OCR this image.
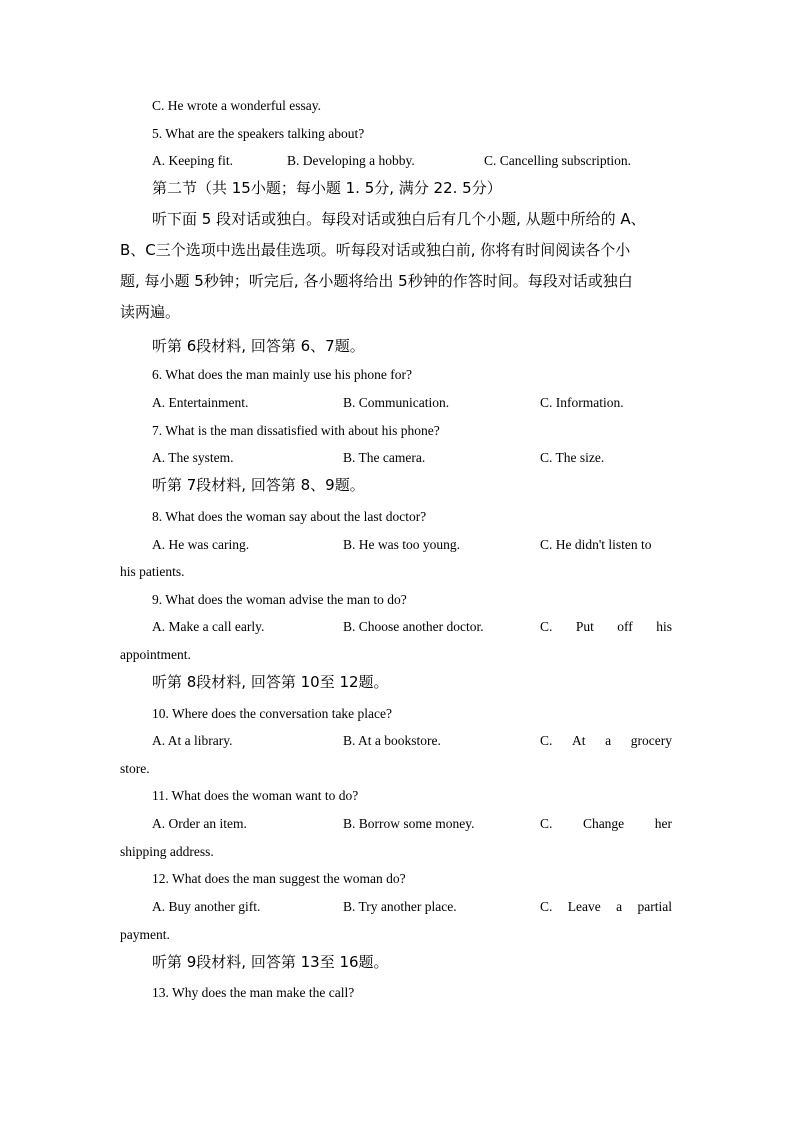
C. He wrote a wonderful essay.
5. What are the speakers talking about?
A. Keeping fit.	B. Developing a hobby.	C. Cancelling subscription.
第二节（共 15小题；每小题 1. 5分, 满分 22. 5分）
听下面 5 段对话或独白。每段对话或独白后有几个小题, 从题中所给的 A、
B、C三个选项中选出最佳选项。听每段对话或独白前, 你将有时间阅读各个小
题, 每小题 5秒钟；听完后, 各小题将给出 5秒钟的作答时间。每段对话或独白
读两遍。
听第 6段材料, 回答第 6、7题。
6. What does the man mainly use his phone for?
A. Entertainment.	B. Communication.	C. Information.
7. What is the man dissatisfied with about his phone?
A. The system.	B. The camera.	C. The size.
听第 7段材料, 回答第 8、9题。
8. What does the woman say about the last doctor?
A. He was caring.	B. He was too young.	C. He didn't listen to
his patients.
9. What does the woman advise the man to do?
A. Make a call early.	B. Choose another doctor.	C. Put off his
appointment.
听第 8段材料, 回答第 10至 12题。
10. Where does the conversation take place?
A. At a library.	B. At a bookstore.	C. At a grocery
store.
11. What does the woman want to do?
A. Order an item.	B. Borrow some money.	C. Change her
shipping address.
12. What does the man suggest the woman do?
A. Buy another gift.	B. Try another place.	C. Leave a partial
payment.
听第 9段材料, 回答第 13至 16题。
13. Why does the man make the call?
